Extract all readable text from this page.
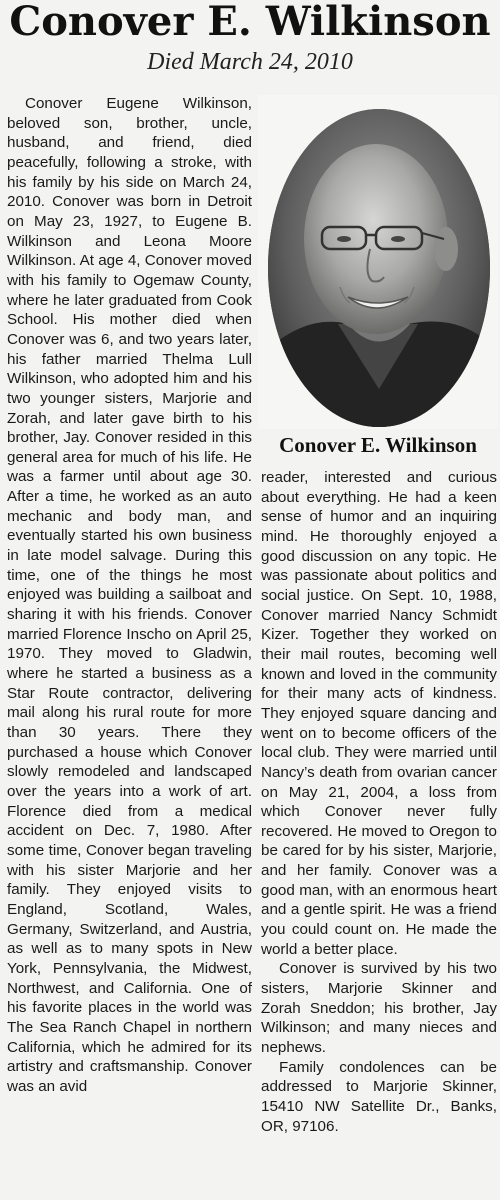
Conover E. Wilkinson
Died March 24, 2010

Conover Eugene Wilkinson, beloved son, brother, uncle, husband, and friend, died peacefully, following a stroke, with his family by his side on March 24, 2010. Conover was born in Detroit on May 23, 1927, to Eugene B. Wilkinson and Leona Moore Wilkinson. At age 4, Conover moved with his family to Ogemaw County, where he later graduated from Cook School. His mother died when Conover was 6, and two years later, his father married Thelma Lull Wilkinson, who adopted him and his two younger sisters, Marjorie and Zorah, and later gave birth to his brother, Jay. Conover resided in this general area for much of his life. He was a farmer until about age 30. After a time, he worked as an auto mechanic and body man, and eventually started his own business in late model salvage. During this time, one of the things he most enjoyed was building a sailboat and sharing it with his friends. Conover married Florence Inscho on April 25, 1970. They moved to Gladwin, where he started a business as a Star Route contractor, delivering mail along his rural route for more than 30 years. There they purchased a house which Conover slowly remodeled and landscaped over the years into a work of art. Florence died from a medical accident on Dec. 7, 1980. After some time, Conover began traveling with his sister Marjorie and her family. They enjoyed visits to England, Scotland, Wales, Germany, Switzerland, and Austria, as well as to many spots in New York, Pennsylvania, the Midwest, Northwest, and California. One of his favorite places in the world was The Sea Ranch Chapel in northern California, which he admired for its artistry and craftsmanship. Conover was an avid

Conover E. Wilkinson

reader, interested and curious about everything. He had a keen sense of humor and an inquiring mind. He thoroughly enjoyed a good discussion on any topic. He was passionate about politics and social justice. On Sept. 10, 1988, Conover married Nancy Schmidt Kizer. Together they worked on their mail routes, becoming well known and loved in the community for their many acts of kindness. They enjoyed square dancing and went on to become officers of the local club. They were married until Nancy’s death from ovarian cancer on May 21, 2004, a loss from which Conover never fully recovered. He moved to Oregon to be cared for by his sister, Marjorie, and her family. Conover was a good man, with an enormous heart and a gentle spirit. He was a friend you could count on. He made the world a better place.

Conover is survived by his two sisters, Marjorie Skinner and Zorah Sneddon; his brother, Jay Wilkinson; and many nieces and nephews.

Family condolences can be addressed to Marjorie Skinner, 15410 NW Satellite Dr., Banks, OR, 97106.
